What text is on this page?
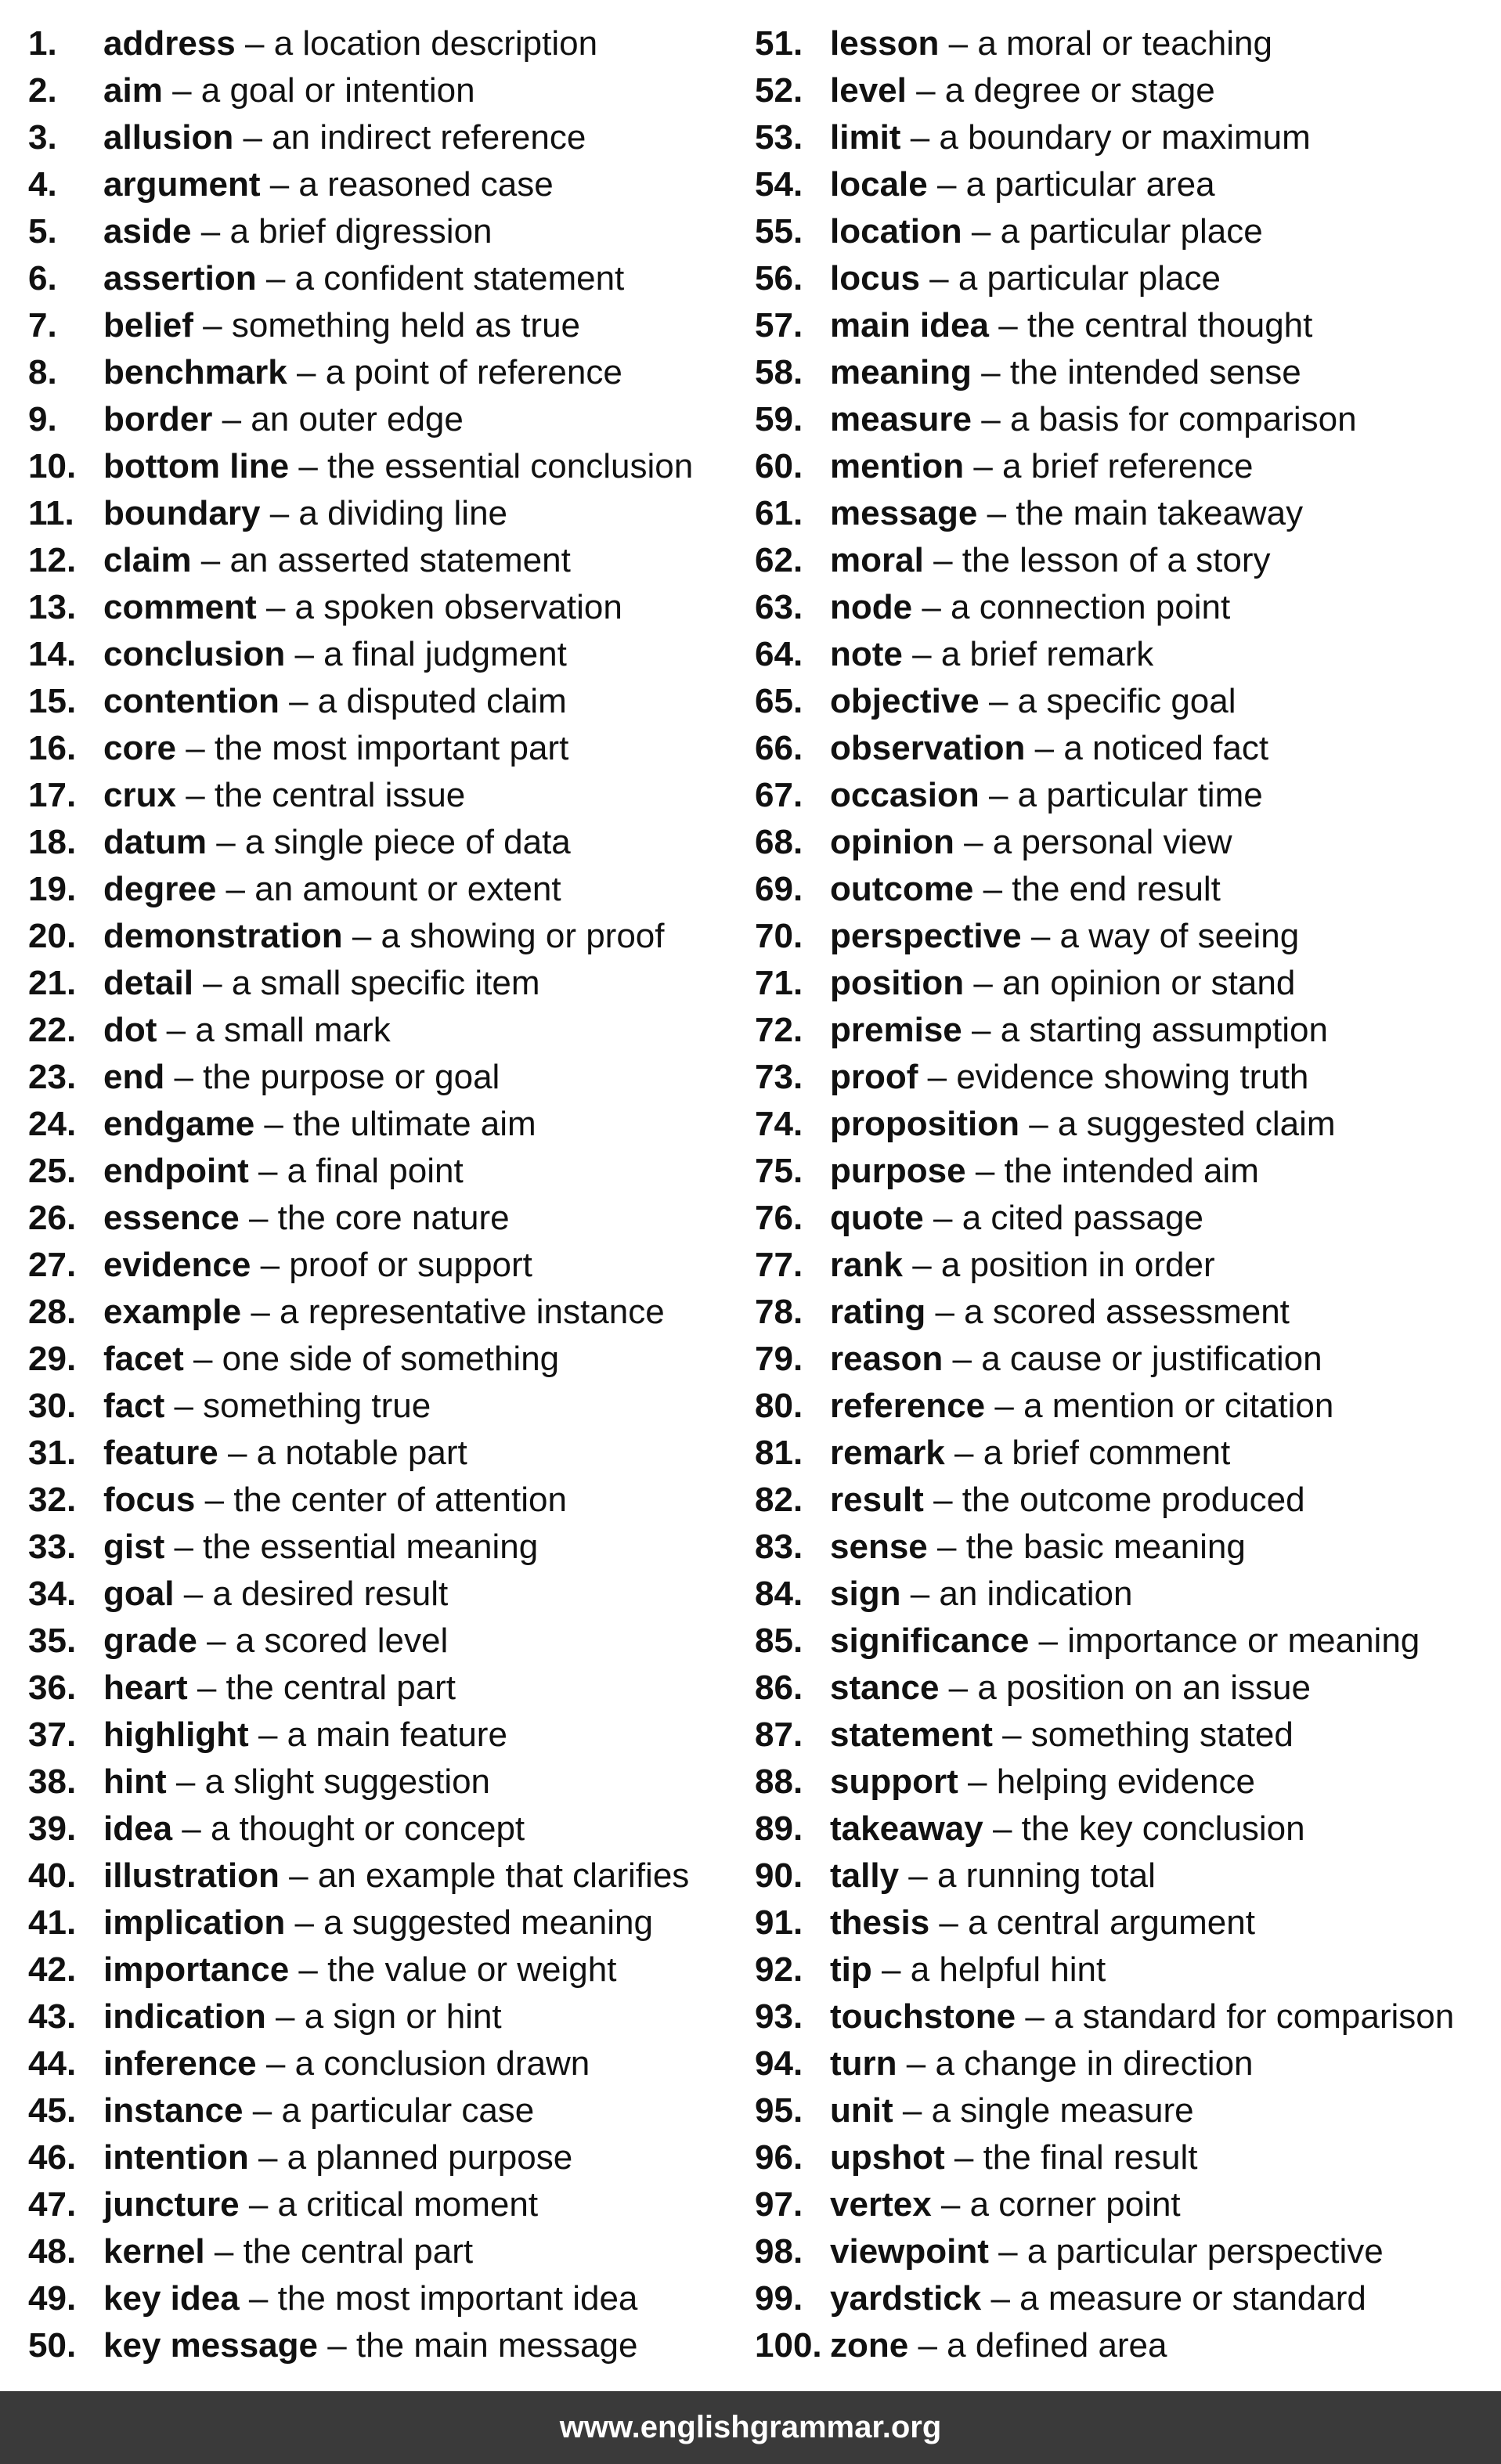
1.	address
– a location description
2.	aim
– a goal or intention
3.	allusion
– an indirect reference
4.	argument
– a reasoned case
5.	aside
– a brief digression
6.	assertion
– a confident statement
7.	belief
– something held as true
8.	benchmark
– a point of reference
9.	border
– an outer edge
10. bottom line
– the essential conclusion
11. boundary
– a dividing line
12. claim
– an asserted statement
13. comment
– a spoken observation
14. conclusion
– a final judgment
15. contention
– a disputed claim
16. core
– the most important part
17. crux
– the central issue
18. datum
– a single piece of data
19. degree
– an amount or extent
20. demonstration
– a showing or proof
21. detail
– a small specific item
22. dot
– a small mark
23. end
– the purpose or goal
24. endgame
– the ultimate aim
25. endpoint
– a final point
26. essence
– the core nature
27. evidence
– proof or support
28. example
– a representative instance
29. facet
– one side of something
30. fact
– something true
31. feature
– a notable part
32. focus
– the center of attention
33. gist
– the essential meaning
34. goal
– a desired result
35. grade
– a scored level
36. heart
– the central part
37. highlight
– a main feature
38. hint
– a slight suggestion
39. idea
– a thought or concept
40. illustration
– an example that clarifies
41. implication
– a suggested meaning
42. importance
– the value or weight
43. indication
– a sign or hint
44. inference
– a conclusion drawn
45. instance
– a particular case
46. intention
– a planned purpose
47. juncture
– a critical moment
48. kernel
– the central part
49. key idea
– the most important idea
50. key message
– the main message
51. lesson
– a moral or teaching
52. level
– a degree or stage
53. limit
– a boundary or maximum
54. locale
– a particular area
55. location
– a particular place
56. locus
– a particular place
57. main idea
– the central thought
58. meaning
– the intended sense
59. measure
– a basis for comparison
60. mention
– a brief reference
61. message
– the main takeaway
62. moral
– the lesson of a story
63. node
– a connection point
64. note
– a brief remark
65. objective
– a specific goal
66. observation
– a noticed fact
67. occasion
– a particular time
68. opinion
– a personal view
69. outcome
– the end result
70. perspective
– a way of seeing
71. position
– an opinion or stand
72. premise
– a starting assumption
73. proof
– evidence showing truth
74. proposition
– a suggested claim
75. purpose
– the intended aim
76. quote
– a cited passage
77. rank
– a position in order
78. rating
– a scored assessment
79. reason
– a cause or justification
80. reference
– a mention or citation
81. remark
– a brief comment
82. result
– the outcome produced
83. sense
– the basic meaning
84. sign
– an indication
85. significance
– importance or meaning
86. stance
– a position on an issue
87. statement
– something stated
88. support
– helping evidence
89. takeaway
– the key conclusion
90. tally
– a running total
91. thesis
– a central argument
92. tip
– a helpful hint
93. touchstone
– a standard for comparison
94. turn
– a change in direction
95. unit
– a single measure
96. upshot
– the final result
97. vertex
– a corner point
98. viewpoint
– a particular perspective
99. yardstick
– a measure or standard
100. zone
– a defined area
www.englishgrammar.org
